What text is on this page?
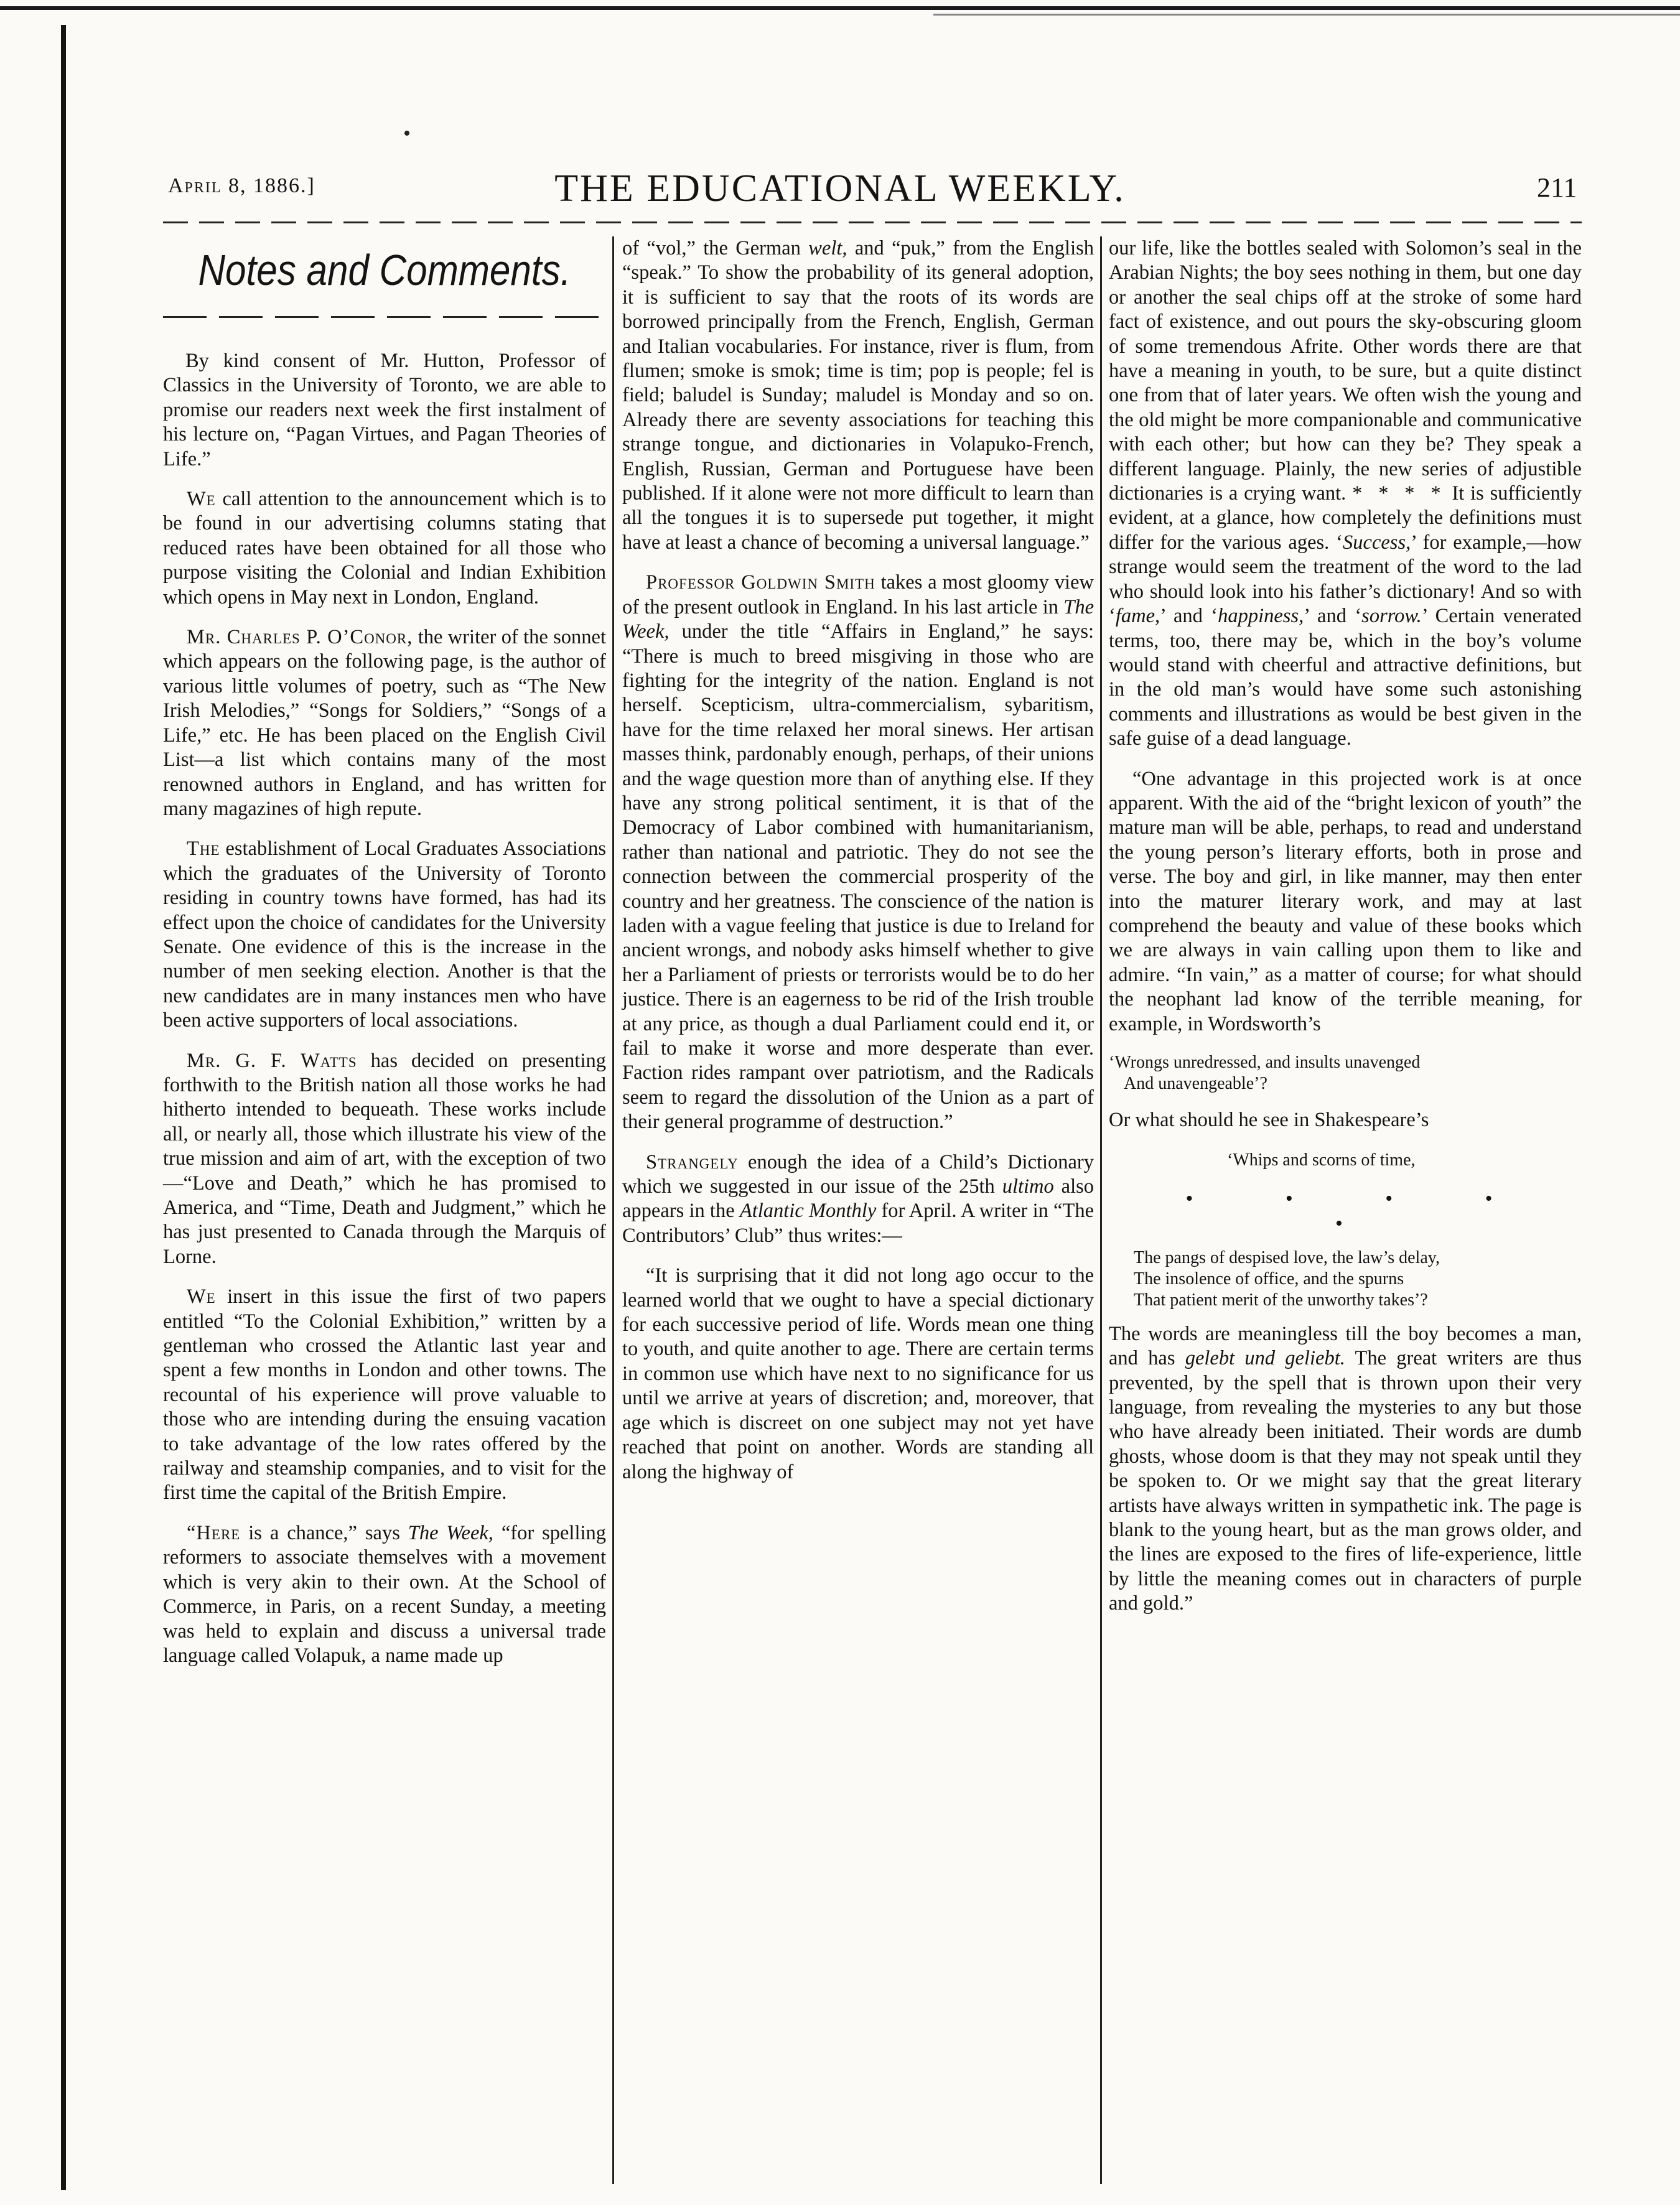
April 8, 1886.]	THE EDUCATIONAL WEEKLY.	211
Notes and Comments.

By kind consent of Mr. Hutton, Professor of Classics in the University of Toronto, we are able to promise our readers next week the first instalment of his lecture on, “Pagan Virtues, and Pagan Theories of Life.”

We call attention to the announcement which is to be found in our advertising columns stating that reduced rates have been obtained for all those who purpose visiting the Colonial and Indian Exhibition which opens in May next in London, England.

Mr. Charles P. O’Conor, the writer of the sonnet which appears on the following page, is the author of various little volumes of poetry, such as “The New Irish Melodies,” “Songs for Soldiers,” “Songs of a Life,” etc. He has been placed on the English Civil List—a list which contains many of the most renowned authors in England, and has written for many magazines of high repute.

The establishment of Local Graduates Associations which the graduates of the University of Toronto residing in country towns have formed, has had its effect upon the choice of candidates for the University Senate. One evidence of this is the increase in the number of men seeking election. Another is that the new candidates are in many instances men who have been active supporters of local associations.

Mr. G. F. Watts has decided on presenting forthwith to the British nation all those works he had hitherto intended to bequeath. These works include all, or nearly all, those which illustrate his view of the true mission and aim of art, with the exception of two—“Love and Death,” which he has promised to America, and “Time, Death and Judgment,” which he has just presented to Canada through the Marquis of Lorne.

We insert in this issue the first of two papers entitled “To the Colonial Exhibition,” written by a gentleman who crossed the Atlantic last year and spent a few months in London and other towns. The recountal of his experience will prove valuable to those who are intending during the ensuing vacation to take advantage of the low rates offered by the railway and steamship companies, and to visit for the first time the capital of the British Empire.

“Here is a chance,” says The Week, “for spelling reformers to associate themselves with a movement which is very akin to their own. At the School of Commerce, in Paris, on a recent Sunday, a meeting was held to explain and discuss a universal trade language called Volapuk, a name made up

of “vol,” the German welt, and “puk,” from the English “speak.” To show the probability of its general adoption, it is sufficient to say that the roots of its words are borrowed principally from the French, English, German and Italian vocabularies. For instance, river is flum, from flumen; smoke is smok; time is tim; pop is people; fel is field; baludel is Sunday; maludel is Monday and so on. Already there are seventy associations for teaching this strange tongue, and dictionaries in Volapuko-French, English, Russian, German and Portuguese have been published. If it alone were not more difficult to learn than all the tongues it is to supersede put together, it might have at least a chance of becoming a universal language.”

Professor Goldwin Smith takes a most gloomy view of the present outlook in England. In his last article in The Week, under the title “Affairs in England,” he says: “There is much to breed misgiving in those who are fighting for the integrity of the nation. England is not herself. Scepticism, ultra-commercialism, sybaritism, have for the time relaxed her moral sinews. Her artisan masses think, pardonably enough, perhaps, of their unions and the wage question more than of anything else. If they have any strong political sentiment, it is that of the Democracy of Labor combined with humanitarianism, rather than national and patriotic. They do not see the connection between the commercial prosperity of the country and her greatness. The conscience of the nation is laden with a vague feeling that justice is due to Ireland for ancient wrongs, and nobody asks himself whether to give her a Parliament of priests or terrorists would be to do her justice. There is an eagerness to be rid of the Irish trouble at any price, as though a dual Parliament could end it, or fail to make it worse and more desperate than ever. Faction rides rampant over patriotism, and the Radicals seem to regard the dissolution of the Union as a part of their general programme of destruction.”

Strangely enough the idea of a Child’s Dictionary which we suggested in our issue of the 25th ultimo also appears in the Atlantic Monthly for April. A writer in “The Contributors’ Club” thus writes:—

“It is surprising that it did not long ago occur to the learned world that we ought to have a special dictionary for each successive period of life. Words mean one thing to youth, and quite another to age. There are certain terms in common use which have next to no significance for us until we arrive at years of discretion; and, moreover, that age which is discreet on one subject may not yet have reached that point on another. Words are standing all along the highway of

our life, like the bottles sealed with Solomon’s seal in the Arabian Nights; the boy sees nothing in them, but one day or another the seal chips off at the stroke of some hard fact of existence, and out pours the sky-obscuring gloom of some tremendous Afrite. Other words there are that have a meaning in youth, to be sure, but a quite distinct one from that of later years. We often wish the young and the old might be more companionable and communicative with each other; but how can they be? They speak a different language. Plainly, the new series of adjustible dictionaries is a crying want. * * * * It is sufficiently evident, at a glance, how completely the definitions must differ for the various ages. ‘Success,’ for example,—how strange would seem the treatment of the word to the lad who should look into his father’s dictionary! And so with ‘fame,’ and ‘happiness,’ and ‘sorrow.’ Certain venerated terms, too, there may be, which in the boy’s volume would stand with cheerful and attractive definitions, but in the old man’s would have some such astonishing comments and illustrations as would be best given in the safe guise of a dead language.

“One advantage in this projected work is at once apparent. With the aid of the “bright lexicon of youth” the mature man will be able, perhaps, to read and understand the young person’s literary efforts, both in prose and verse. The boy and girl, in like manner, may then enter into the maturer literary work, and may at last comprehend the beauty and value of these books which we are always in vain calling upon them to like and admire. “In vain,” as a matter of course; for what should the neophant lad know of the terrible meaning, for example, in Wordsworth’s

‘Wrongs unredressed, and insults unavenged
And unavengeable’?

Or what should he see in Shakespeare’s

‘Whips and scorns of time,
• • • • •
The pangs of despised love, the law’s delay,
The insolence of office, and the spurns
That patient merit of the unworthy takes’?

The words are meaningless till the boy becomes a man, and has gelebt und geliebt. The great writers are thus prevented, by the spell that is thrown upon their very language, from revealing the mysteries to any but those who have already been initiated. Their words are dumb ghosts, whose doom is that they may not speak until they be spoken to. Or we might say that the great literary artists have always written in sympathetic ink. The page is blank to the young heart, but as the man grows older, and the lines are exposed to the fires of life-experience, little by little the meaning comes out in characters of purple and gold.”
